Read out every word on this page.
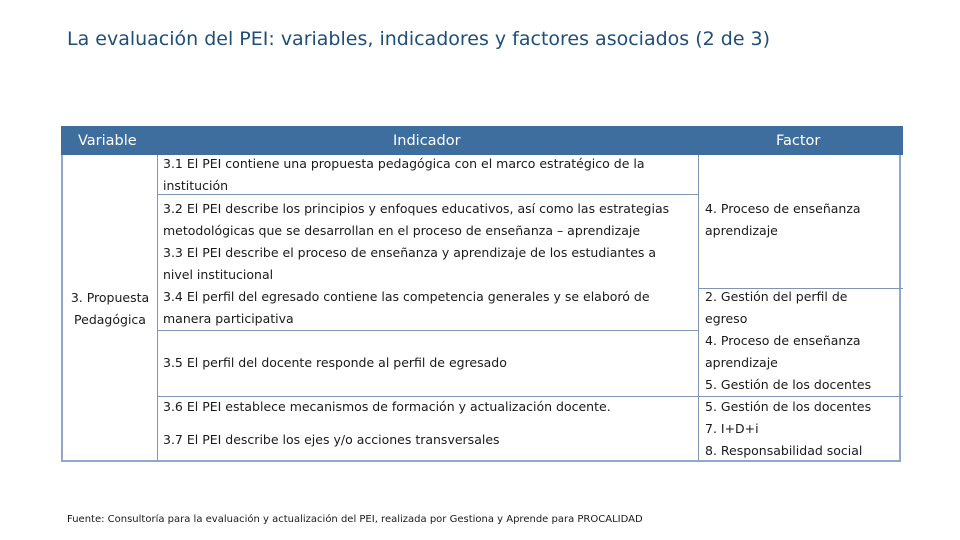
La evaluación del PEI: variables, indicadores y factores asociados (2 de 3)
Variable	Indicador	Factor
3. Propuesta
Pedagógica
3.1 El PEI contiene una propuesta pedagógica con el marco estratégico de la
institución
3.2 El PEI describe los principios y enfoques educativos, así como las estrategias
metodológicas que se desarrollan en el proceso de enseñanza – aprendizaje
3.3 El PEI describe el proceso de enseñanza y aprendizaje de los estudiantes a
nivel institucional
3.4 El perfil del egresado contiene las competencia generales y se elaboró de
manera participativa
3.5 El perfil del docente responde al perfil de egresado
3.6 El PEI establece mecanismos de formación y actualización docente.
3.7 El PEI describe los ejes y/o acciones transversales
4. Proceso de enseñanza
aprendizaje
2. Gestión del perfil de
egreso
4. Proceso de enseñanza
aprendizaje
5. Gestión de los docentes
5. Gestión de los docentes
7. I+D+i
8. Responsabilidad social
Fuente: Consultoría para la evaluación y actualización del PEI, realizada por Gestiona y Aprende para PROCALIDAD
